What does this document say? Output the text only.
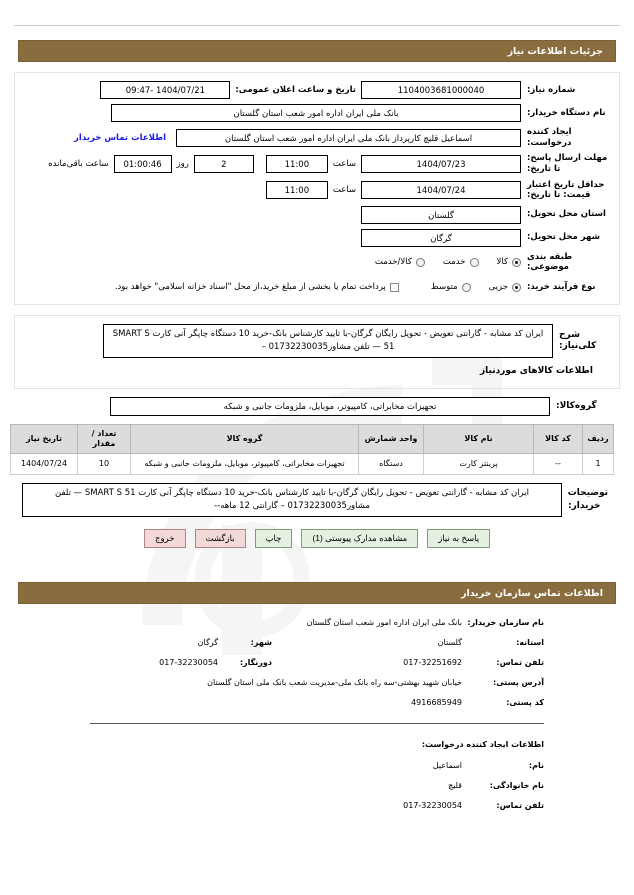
جزئیات اطلاعات نیاز
شماره نیاز:
1104003681000040
تاریخ و ساعت اعلان عمومی:
1404/07/21 -09:47
نام دستگاه خریدار:
بانک ملی ایران اداره امور شعب استان گلستان
ایجاد کننده درخواست:
اسماعیل قلیچ کارپرداز بانک ملی ایران اداره امور شعب استان گلستان
اطلاعات تماس خریدار
مهلت ارسال پاسخ: تا تاریخ:
1404/07/23
ساعت
11:00
2
روز
01:00:46
ساعت باقی‌مانده
حداقل تاریخ اعتبار قیمت: تا تاریخ:
1404/07/24
ساعت
11:00
استان محل تحویل:
گلستان
شهر محل تحویل:
گرگان
طبقه بندی موضوعی:
کالا
خدمت
کالا/خدمت
نوع فرآیند خرید:
جزیی
متوسط
پرداخت تمام یا بخشی از مبلغ خرید،از محل "اسناد خزانه اسلامی" خواهد بود.
شرح کلی‌نیاز:
ایران کد مشابه - گارانتی تعویض - تحویل رایگان گرگان-با تایید کارشناس بانک-خرید 10 دستگاه چاپگر آنی کارت SMART S 51 — تلفن مشاور01732230035 –
اطلاعات کالاهای موردنیاز
گروه‌کالا:
تجهیزات مخابراتی، کامپیوتر، موبایل، ملزومات جانبی و شبکه
ردیف	کد کالا	نام کالا	واحد شمارش	گروه کالا	تعداد / مقدار	تاریخ نیاز
1	--	پرینتر کارت	دستگاه	تجهیزات مخابراتی، کامپیوتر، موبایل، ملزومات جانبی و شبکه	10	1404/07/24
توضیحات خریدار:
ایران کد مشابه - گارانتی تعویض - تحویل رایگان گرگان-با تایید کارشناس بانک-خرید 10 دستگاه چاپگر آنی کارت SMART S 51 — تلفن مشاور01732230035 – گارانتی 12 ماهه--
پاسخ به نیاز
مشاهده مدارک پیوستی (1)
چاپ
بازگشت
خروج
اطلاعات تماس سازمان خریدار
نام سازمان خریدار:
بانک ملی ایران اداره امور شعب استان گلستان
استانه:
گلستان
شهر:
گرگان
تلفن تماس:
017-32251692
دورنگار:
017-32230054
آدرس پستی:
خیابان شهید بهشتی-سه راه بانک ملی-مدیریت شعب بانک ملی استان گلستان
کد پستی:
4916685949
اطلاعات ایجاد کننده درخواست:
نام:
اسماعیل
نام خانوادگی:
قلیچ
تلفن تماس:
017-32230054
